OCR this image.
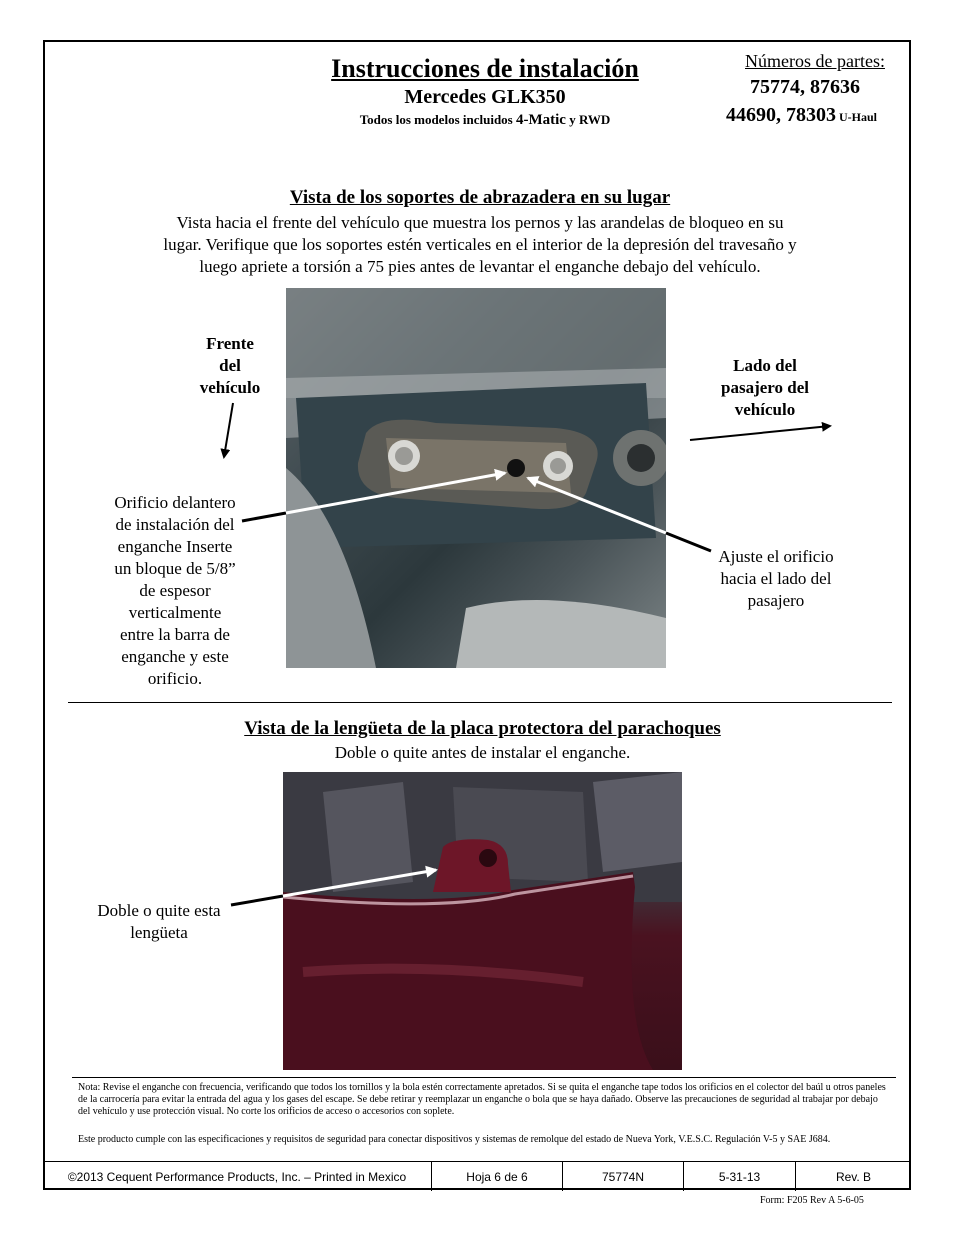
Instrucciones de instalación
Mercedes GLK350
Todos los modelos incluidos 4-Matic y RWD
Números de partes:
75774, 87636
44690, 78303 U-Haul
Vista de los soportes de abrazadera en su lugar
Vista hacia el frente del vehículo que muestra los pernos y las arandelas de bloqueo en su
lugar. Verifique que los soportes estén verticales en el interior de la depresión del travesaño y
luego apriete a torsión a 75 pies antes de levantar el enganche debajo del vehículo.
Frente
del
vehículo
Lado del
pasajero del
vehículo
Orificio delantero
de instalación del
enganche Inserte
un bloque de 5/8”
de espesor
verticalmente
entre la barra de
enganche y este
orificio.
Ajuste el orificio
hacia el lado del
pasajero
Vista de la lengüeta de la placa protectora del parachoques
Doble o quite antes de instalar el enganche.
Doble o quite esta
lengüeta
Nota: Revise el enganche con frecuencia, verificando que todos los tornillos y la bola estén correctamente apretados. Si se quita el enganche tape todos los orificios en el colector del baúl u otros paneles de la carrocería para evitar la entrada del agua y los gases del escape. Se debe retirar y reemplazar un enganche o bola que se haya dañado. Observe las precauciones de seguridad al trabajar por debajo del vehículo y use protección visual. No corte los orificios de acceso o accesorios con soplete.
Este producto cumple con las especificaciones y requisitos de seguridad para conectar dispositivos y sistemas de remolque del estado de Nueva York, V.E.S.C. Regulación V-5 y SAE J684.
© 2013 Cequent Performance Products, Inc. – Printed in Mexico	Hoja 6 de 6	75774N	5-31-13	Rev. B
Form: F205 Rev A 5-6-05
